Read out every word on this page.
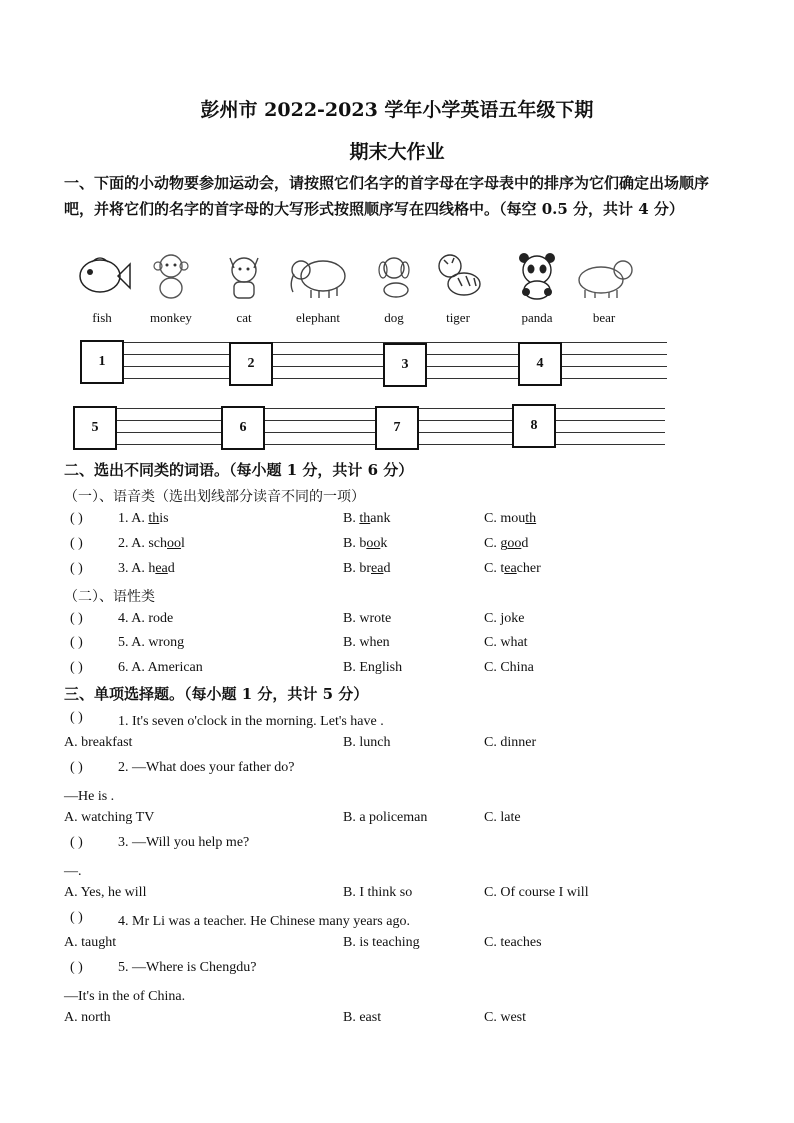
彭州市 2022-2023 学年小学英语五年级下期
期末大作业
一、下面的小动物要参加运动会，请按照它们名字的首字母在字母表中的排序为它们确定出场顺序吧，并将它们的名字的首字母的大写形式按照顺序写在四线格中。（每空 0.5 分，共计 4 分）
fish	monkey	cat	elephant	dog	tiger	panda	bear
1	2	3	4
5	6	7	8
二、选出不同类的词语。（每小题 1 分，共计 6 分）
（一）、语音类（选出划线部分读音不同的一项）
( )	1. A. this	B. thank	C. mouth
( )	2. A. school	B. book	C. good
( )	3. A. head	B. bread	C. teacher
（二）、语性类
( )	4. A. rode	B. wrote	C. joke
( )	5. A. wrong	B. when	C. what
( )	6. A. American	B. English	C. China
三、单项选择题。（每小题 1 分，共计 5 分）
( )	1. It's seven o'clock in the morning. Let's have .
A. breakfast	B. lunch	C. dinner
( )	2. —What does your father do?
—He is .
A. watching TV	B. a policeman	C. late
( )	3. —Will you help me?
—
.
A. Yes, he will	B. I think so	C. Of course I will
( )	4. Mr Li was a teacher. He Chinese many years ago.
A. taught	B. is teaching	C. teaches
( )	5. —Where is Chengdu?
—It's in the of China.
A. north	B. east	C. west
